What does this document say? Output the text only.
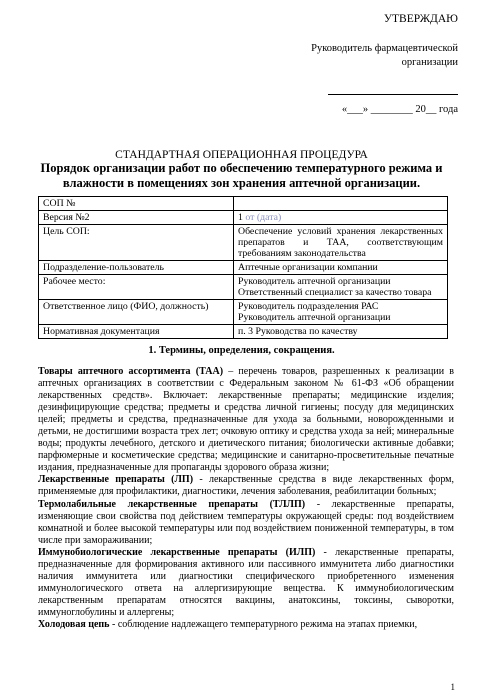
УТВЕРЖДАЮ
Руководитель фармацевтической
организации
«___» ________ 20__ года
СТАНДАРТНАЯ ОПЕРАЦИОННАЯ ПРОЦЕДУРА
Порядок организации работ по обеспечению температурного режима и
влажности в помещениях зон хранения аптечной организации.
СОП №	
Версия №2	1 от (дата)
Цель СОП:	Обеспечение условий хранения лекарственных препаратов и ТАА, соответствующим требованиям законодательства
Подразделение-пользователь	Аптечные организации компании
Рабочее место:	Руководитель аптечной организации
Ответственный специалист за качество товара

Ответственное лицо (ФИО, должность)	Руководитель подразделения РАС
Руководитель аптечной организации

Нормативная документация	п. 3 Руководства по качеству
1. Термины, определения, сокращения.

Товары аптечного ассортимента (ТАА) – перечень товаров, разрешенных к реализации в аптечных организациях в соответствии с Федеральным законом № 61-ФЗ «Об обращении лекарственных средств». Включает: лекарственные препараты; медицинские изделия; дезинфицирующие средства; предметы и средства личной гигиены; посуду для медицинских целей; предметы и средства, предназначенные для ухода за больными, новорожденными и детьми, не достигшими возраста трех лет; очковую оптику и средства ухода за ней; минеральные воды; продукты лечебного, детского и диетического питания; биологически активные добавки; парфюмерные и косметические средства; медицинские и санитарно-просветительные печатные издания, предназначенные для пропаганды здорового образа жизни;

Лекарственные препараты (ЛП) - лекарственные средства в виде лекарственных форм, применяемые для профилактики, диагностики, лечения заболевания, реабилитации больных;

Термолабильные лекарственные препараты (ТЛЛП) - лекарственные препараты, изменяющие свои свойства под действием температуры окружающей среды: под воздействием комнатной и более высокой температуры или под воздействием пониженной температуры, в том числе при замораживании;

Иммунобиологические лекарственные препараты (ИЛП) - лекарственные препараты, предназначенные для формирования активного или пассивного иммунитета либо диагностики наличия иммунитета или диагностики специфического приобретенного изменения иммунологического ответа на аллергизирующие вещества. К иммунобиологическим лекарственным препаратам относятся вакцины, анатоксины, токсины, сыворотки, иммуноглобулины и аллергены;

Холодовая цепь - соблюдение надлежащего температурного режима на этапах приемки,

1
